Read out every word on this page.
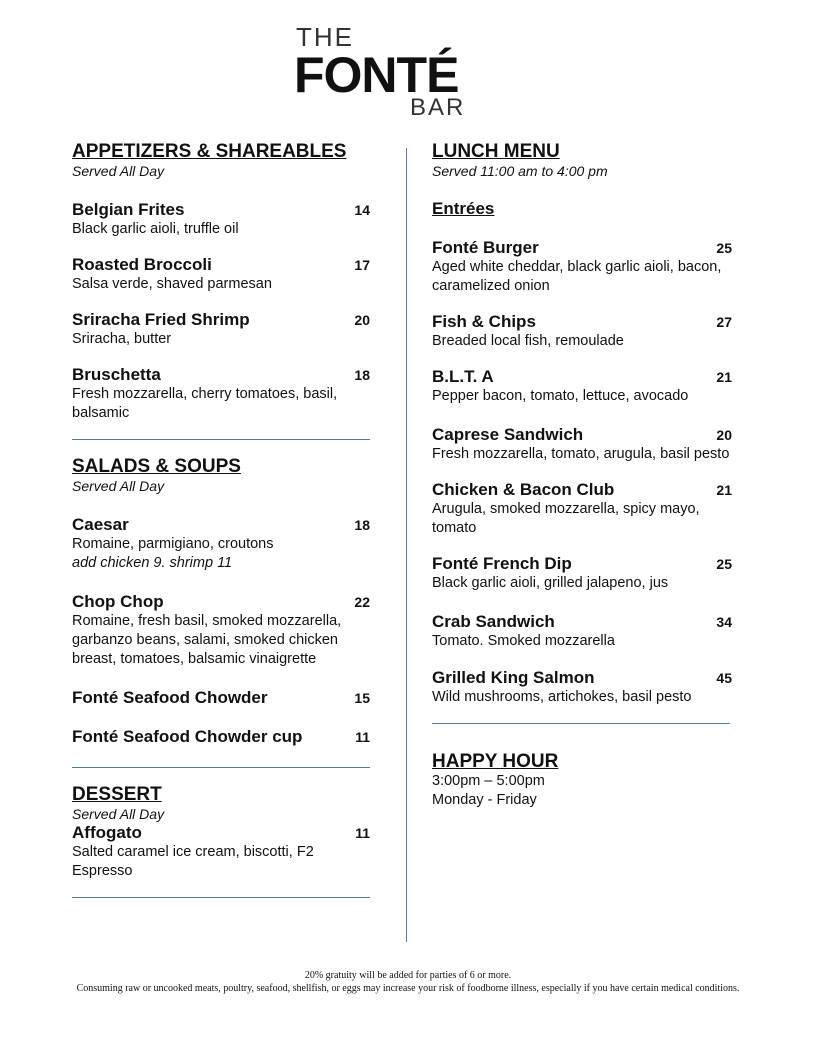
THE
FONTÉ
BAR
APPETIZERS & SHAREABLES
Served All Day
Belgian Frites	14
Black garlic aioli, truffle oil
Roasted Broccoli	17
Salsa verde, shaved parmesan
Sriracha Fried Shrimp	20
Sriracha, butter
Bruschetta	18
Fresh mozzarella, cherry tomatoes, basil, balsamic
SALADS & SOUPS
Served All Day
Caesar	18
Romaine, parmigiano, croutons
add chicken 9. shrimp 11
Chop Chop	22
Romaine, fresh basil, smoked mozzarella, garbanzo beans, salami, smoked chicken breast, tomatoes, balsamic vinaigrette
Fonté Seafood Chowder	15
Fonté Seafood Chowder cup	11
DESSERT
Served All Day
Affogato	11
Salted caramel ice cream, biscotti, F2 Espresso
LUNCH MENU
Served 11:00 am to 4:00 pm
Entrées
Fonté Burger	25
Aged white cheddar, black garlic aioli, bacon, caramelized onion
Fish & Chips	27
Breaded local fish, remoulade
B.L.T. A	21
Pepper bacon, tomato, lettuce, avocado
Caprese Sandwich	20
Fresh mozzarella, tomato, arugula, basil pesto
Chicken & Bacon Club	21
Arugula, smoked mozzarella, spicy mayo, tomato
Fonté French Dip	25
Black garlic aioli, grilled jalapeno, jus
Crab Sandwich	34
Tomato. Smoked mozzarella
Grilled King Salmon	45
Wild mushrooms, artichokes, basil pesto
HAPPY HOUR
3:00pm – 5:00pm
Monday - Friday
20% gratuity will be added for parties of 6 or more.
Consuming raw or uncooked meats, poultry, seafood, shellfish, or eggs may increase your risk of foodborne illness, especially if you have certain medical conditions.
